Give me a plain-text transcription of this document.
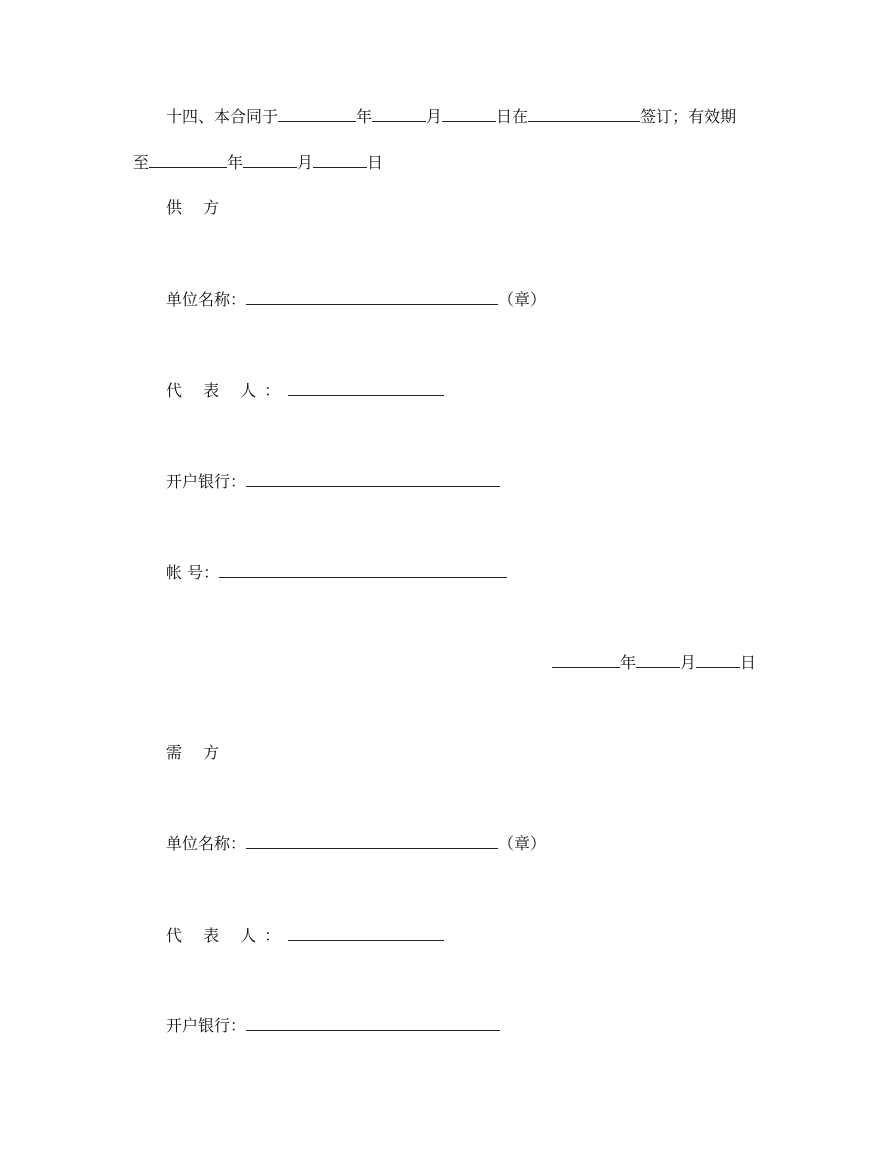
十四、本合同于	年	月	日在	签订；有效期
至	年	月	日
供 方
单位名称：	（章）
代 表 人：
开户银行：
帐 号：
年	月	日
需 方
单位名称：	（章）
代 表 人：
开户银行：
